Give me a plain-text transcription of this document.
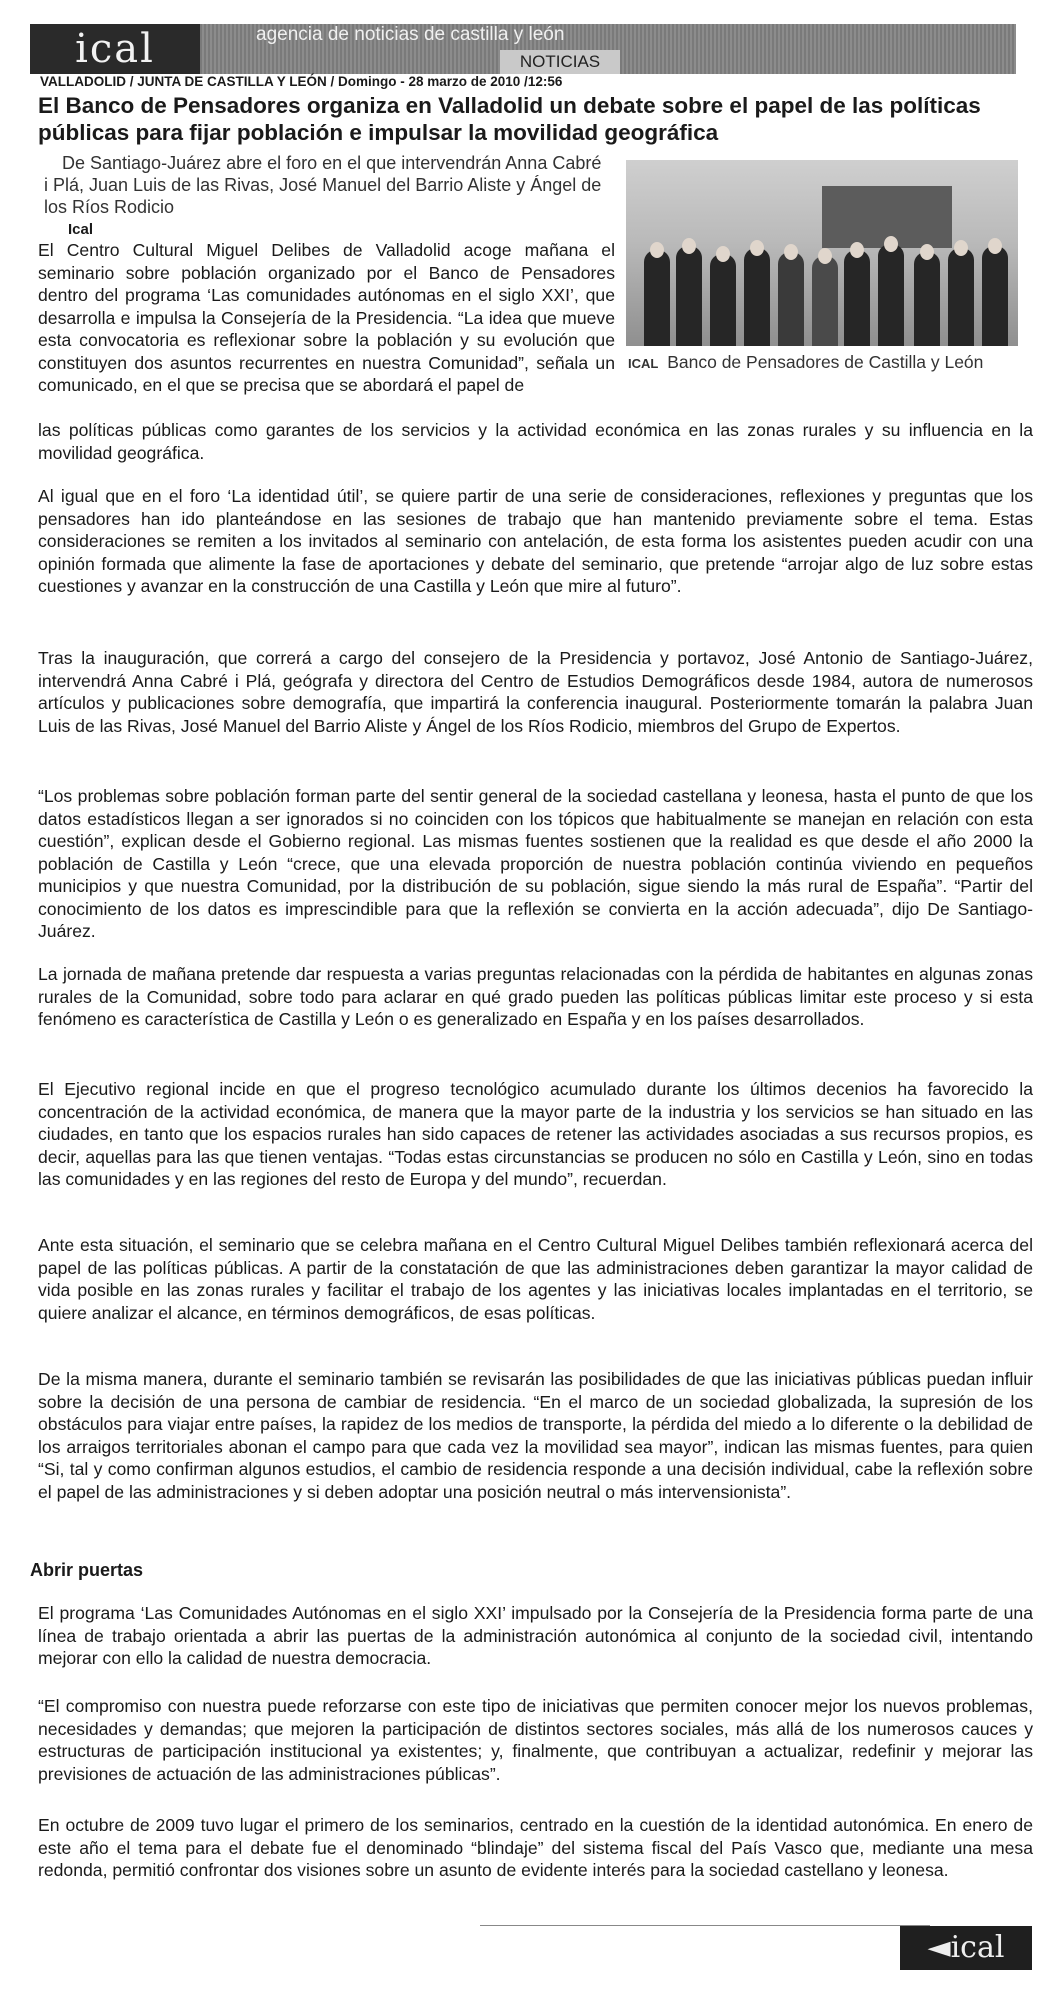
ical	agencia de noticias de castilla y león
NOTICIAS
VALLADOLID / JUNTA DE CASTILLA Y LEÓN / Domingo - 28 marzo de 2010 /12:56
El Banco de Pensadores organiza en Valladolid un debate sobre el papel de las políticas públicas para fijar población e impulsar la movilidad geográfica

De Santiago-Juárez abre el foro en el que intervendrán Anna Cabré i Plá, Juan Luis de las Rivas, José Manuel del Barrio Aliste y Ángel de los Ríos Rodicio

Ical
ICAL Banco de Pensadores de Castilla y León

El Centro Cultural Miguel Delibes de Valladolid acoge mañana el seminario sobre población organizado por el Banco de Pensadores dentro del programa ‘Las comunidades autónomas en el siglo XXI’, que desarrolla e impulsa la Consejería de la Presidencia. “La idea que mueve esta convocatoria es reflexionar sobre la población y su evolución que constituyen dos asuntos recurrentes en nuestra Comunidad”, señala un comunicado, en el que se precisa que se abordará el papel de

las políticas públicas como garantes de los servicios y la actividad económica en las zonas rurales y su influencia en la movilidad geográfica.

Al igual que en el foro ‘La identidad útil’, se quiere partir de una serie de consideraciones, reflexiones y preguntas que los pensadores han ido planteándose en las sesiones de trabajo que han mantenido previamente sobre el tema. Estas consideraciones se remiten a los invitados al seminario con antelación, de esta forma los asistentes pueden acudir con una opinión formada que alimente la fase de aportaciones y debate del seminario, que pretende “arrojar algo de luz sobre estas cuestiones y avanzar en la construcción de una Castilla y León que mire al futuro”.

Tras la inauguración, que correrá a cargo del consejero de la Presidencia y portavoz, José Antonio de Santiago-Juárez, intervendrá Anna Cabré i Plá, geógrafa y directora del Centro de Estudios Demográficos desde 1984, autora de numerosos artículos y publicaciones sobre demografía, que impartirá la conferencia inaugural. Posteriormente tomarán la palabra Juan Luis de las Rivas, José Manuel del Barrio Aliste y Ángel de los Ríos Rodicio, miembros del Grupo de Expertos.

“Los problemas sobre población forman parte del sentir general de la sociedad castellana y leonesa, hasta el punto de que los datos estadísticos llegan a ser ignorados si no coinciden con los tópicos que habitualmente se manejan en relación con esta cuestión”, explican desde el Gobierno regional. Las mismas fuentes sostienen que la realidad es que desde el año 2000 la población de Castilla y León “crece, que una elevada proporción de nuestra población continúa viviendo en pequeños municipios y que nuestra Comunidad, por la distribución de su población, sigue siendo la más rural de España”. “Partir del conocimiento de los datos es imprescindible para que la reflexión se convierta en la acción adecuada”, dijo De Santiago-Juárez.

La jornada de mañana pretende dar respuesta a varias preguntas relacionadas con la pérdida de habitantes en algunas zonas rurales de la Comunidad, sobre todo para aclarar en qué grado pueden las políticas públicas limitar este proceso y si esta fenómeno es característica de Castilla y León o es generalizado en España y en los países desarrollados.

El Ejecutivo regional incide en que el progreso tecnológico acumulado durante los últimos decenios ha favorecido la concentración de la actividad económica, de manera que la mayor parte de la industria y los servicios se han situado en las ciudades, en tanto que los espacios rurales han sido capaces de retener las actividades asociadas a sus recursos propios, es decir, aquellas para las que tienen ventajas. “Todas estas circunstancias se producen no sólo en Castilla y León, sino en todas las comunidades y en las regiones del resto de Europa y del mundo”, recuerdan.

Ante esta situación, el seminario que se celebra mañana en el Centro Cultural Miguel Delibes también reflexionará acerca del papel de las políticas públicas. A partir de la constatación de que las administraciones deben garantizar la mayor calidad de vida posible en las zonas rurales y facilitar el trabajo de los agentes y las iniciativas locales implantadas en el territorio, se quiere analizar el alcance, en términos demográficos, de esas políticas.

De la misma manera, durante el seminario también se revisarán las posibilidades de que las iniciativas públicas puedan influir sobre la decisión de una persona de cambiar de residencia. “En el marco de un sociedad globalizada, la supresión de los obstáculos para viajar entre países, la rapidez de los medios de transporte, la pérdida del miedo a lo diferente o la debilidad de los arraigos territoriales abonan el campo para que cada vez la movilidad sea mayor”, indican las mismas fuentes, para quien “Si, tal y como confirman algunos estudios, el cambio de residencia responde a una decisión individual, cabe la reflexión sobre el papel de las administraciones y si deben adoptar una posición neutral o más intervensionista”.

Abrir puertas

El programa ‘Las Comunidades Autónomas en el siglo XXI’ impulsado por la Consejería de la Presidencia forma parte de una línea de trabajo orientada a abrir las puertas de la administración autonómica al conjunto de la sociedad civil, intentando mejorar con ello la calidad de nuestra democracia.

“El compromiso con nuestra puede reforzarse con este tipo de iniciativas que permiten conocer mejor los nuevos problemas, necesidades y demandas; que mejoren la participación de distintos sectores sociales, más allá de los numerosos cauces y estructuras de participación institucional ya existentes; y, finalmente, que contribuyan a actualizar, redefinir y mejorar las previsiones de actuación de las administraciones públicas”.

En octubre de 2009 tuvo lugar el primero de los seminarios, centrado en la cuestión de la identidad autonómica. En enero de este año el tema para el debate fue el denominado “blindaje” del sistema fiscal del País Vasco que, mediante una mesa redonda, permitió confrontar dos visiones sobre un asunto de evidente interés para la sociedad castellano y leonesa.

◄ical
